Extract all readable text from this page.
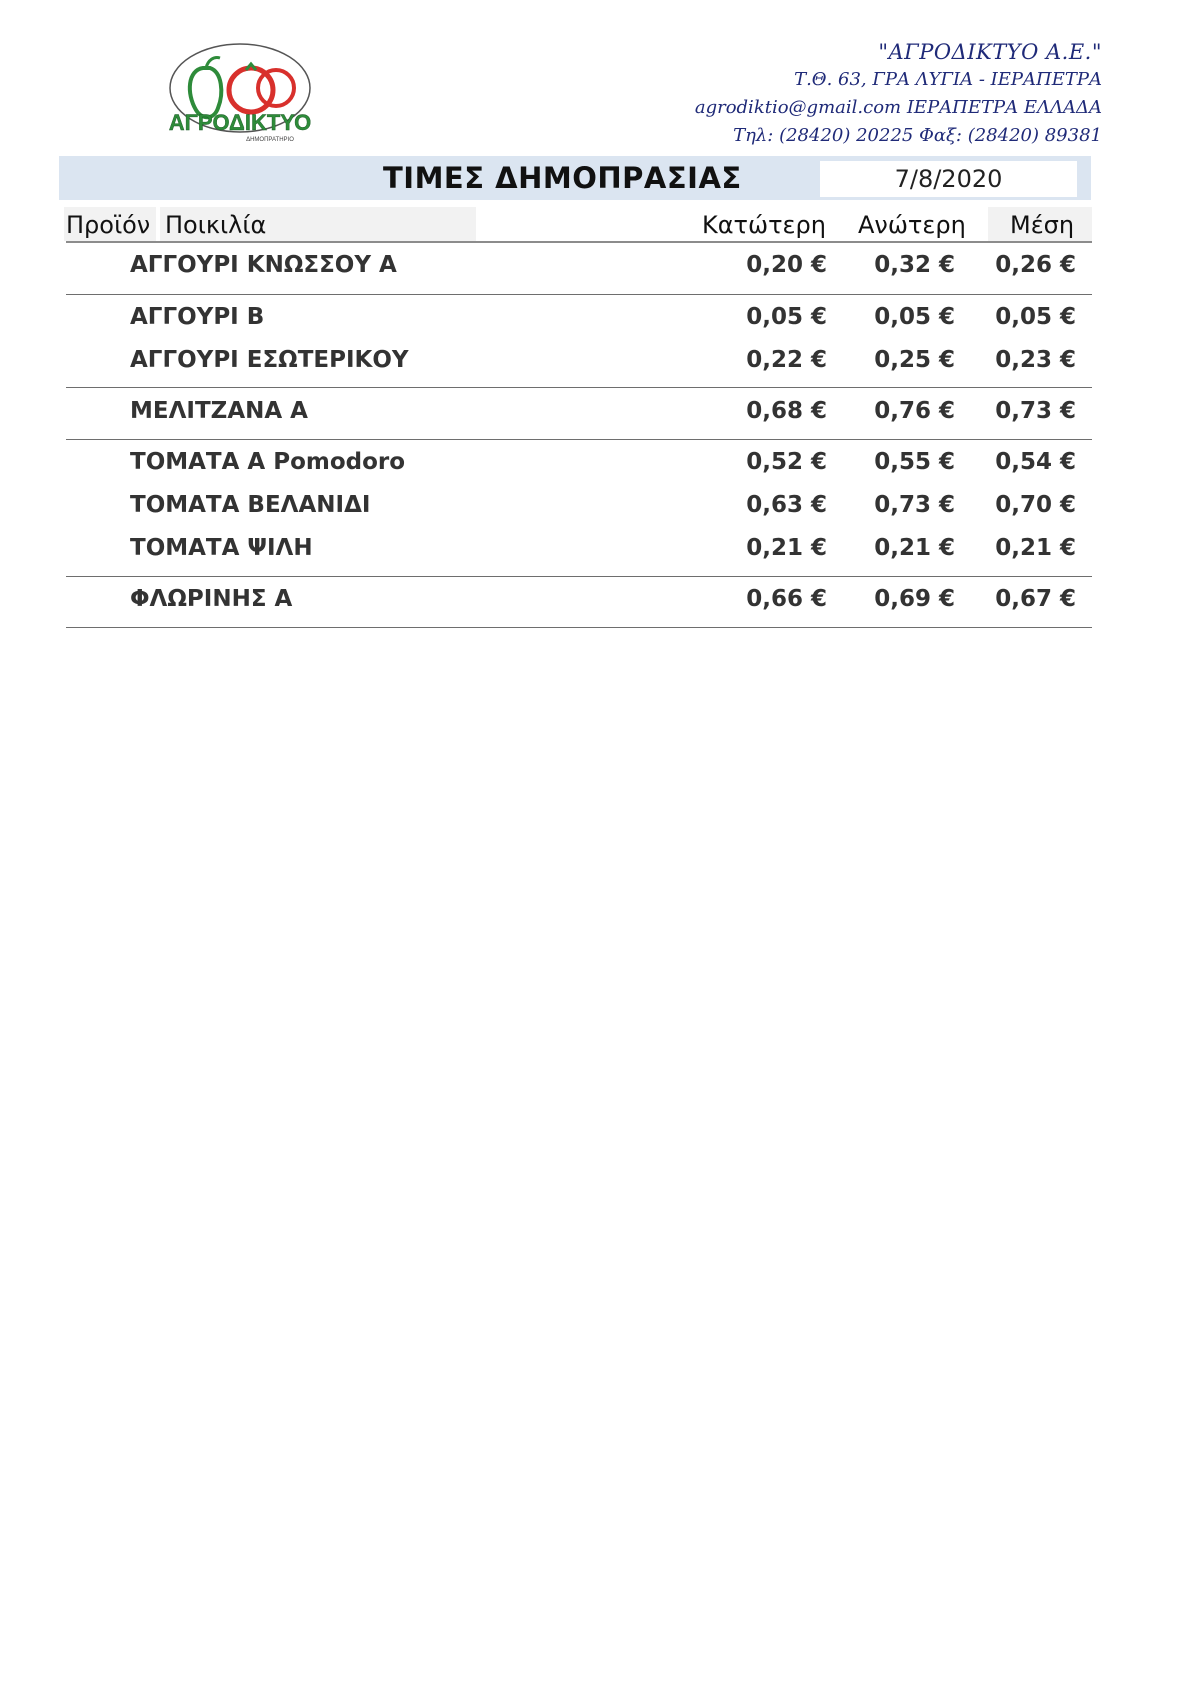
ΑΓΡΟΔΙΚΤΥΟ
ΔΗΜΟΠΡΑΤΗΡΙΟ
"ΑΓΡΟΔΙΚΤΥΟ Α.Ε."
Τ.Θ. 63, ΓΡΑ ΛΥΓΙΑ - ΙΕΡΑΠΕΤΡΑ
agrodiktio@gmail.com ΙΕΡΑΠΕΤΡΑ ΕΛΛΑΔΑ
Τηλ: (28420) 20225 Φαξ: (28420) 89381
ΤΙΜΕΣ ΔΗΜΟΠΡΑΣΙΑΣ	7/8/2020
Προϊόν Ποικιλία	Κατώτερη Ανώτερη Μέση
ΑΓΓΟΥΡΙ ΚΝΩΣΣΟΥ Α	0,20 €	0,32 €	0,26 €
ΑΓΓΟΥΡΙ Β	0,05 €	0,05 €	0,05 €
ΑΓΓΟΥΡΙ ΕΣΩΤΕΡΙΚΟΥ	0,22 €	0,25 €	0,23 €
ΜΕΛΙΤΖΑΝΑ Α	0,68 €	0,76 €	0,73 €
ΤΟΜΑΤΑ Α Pomodoro	0,52 €	0,55 €	0,54 €
ΤΟΜΑΤΑ ΒΕΛΑΝΙΔΙ	0,63 €	0,73 €	0,70 €
ΤΟΜΑΤΑ ΨΙΛΗ	0,21 €	0,21 €	0,21 €
ΦΛΩΡΙΝΗΣ Α	0,66 €	0,69 €	0,67 €
